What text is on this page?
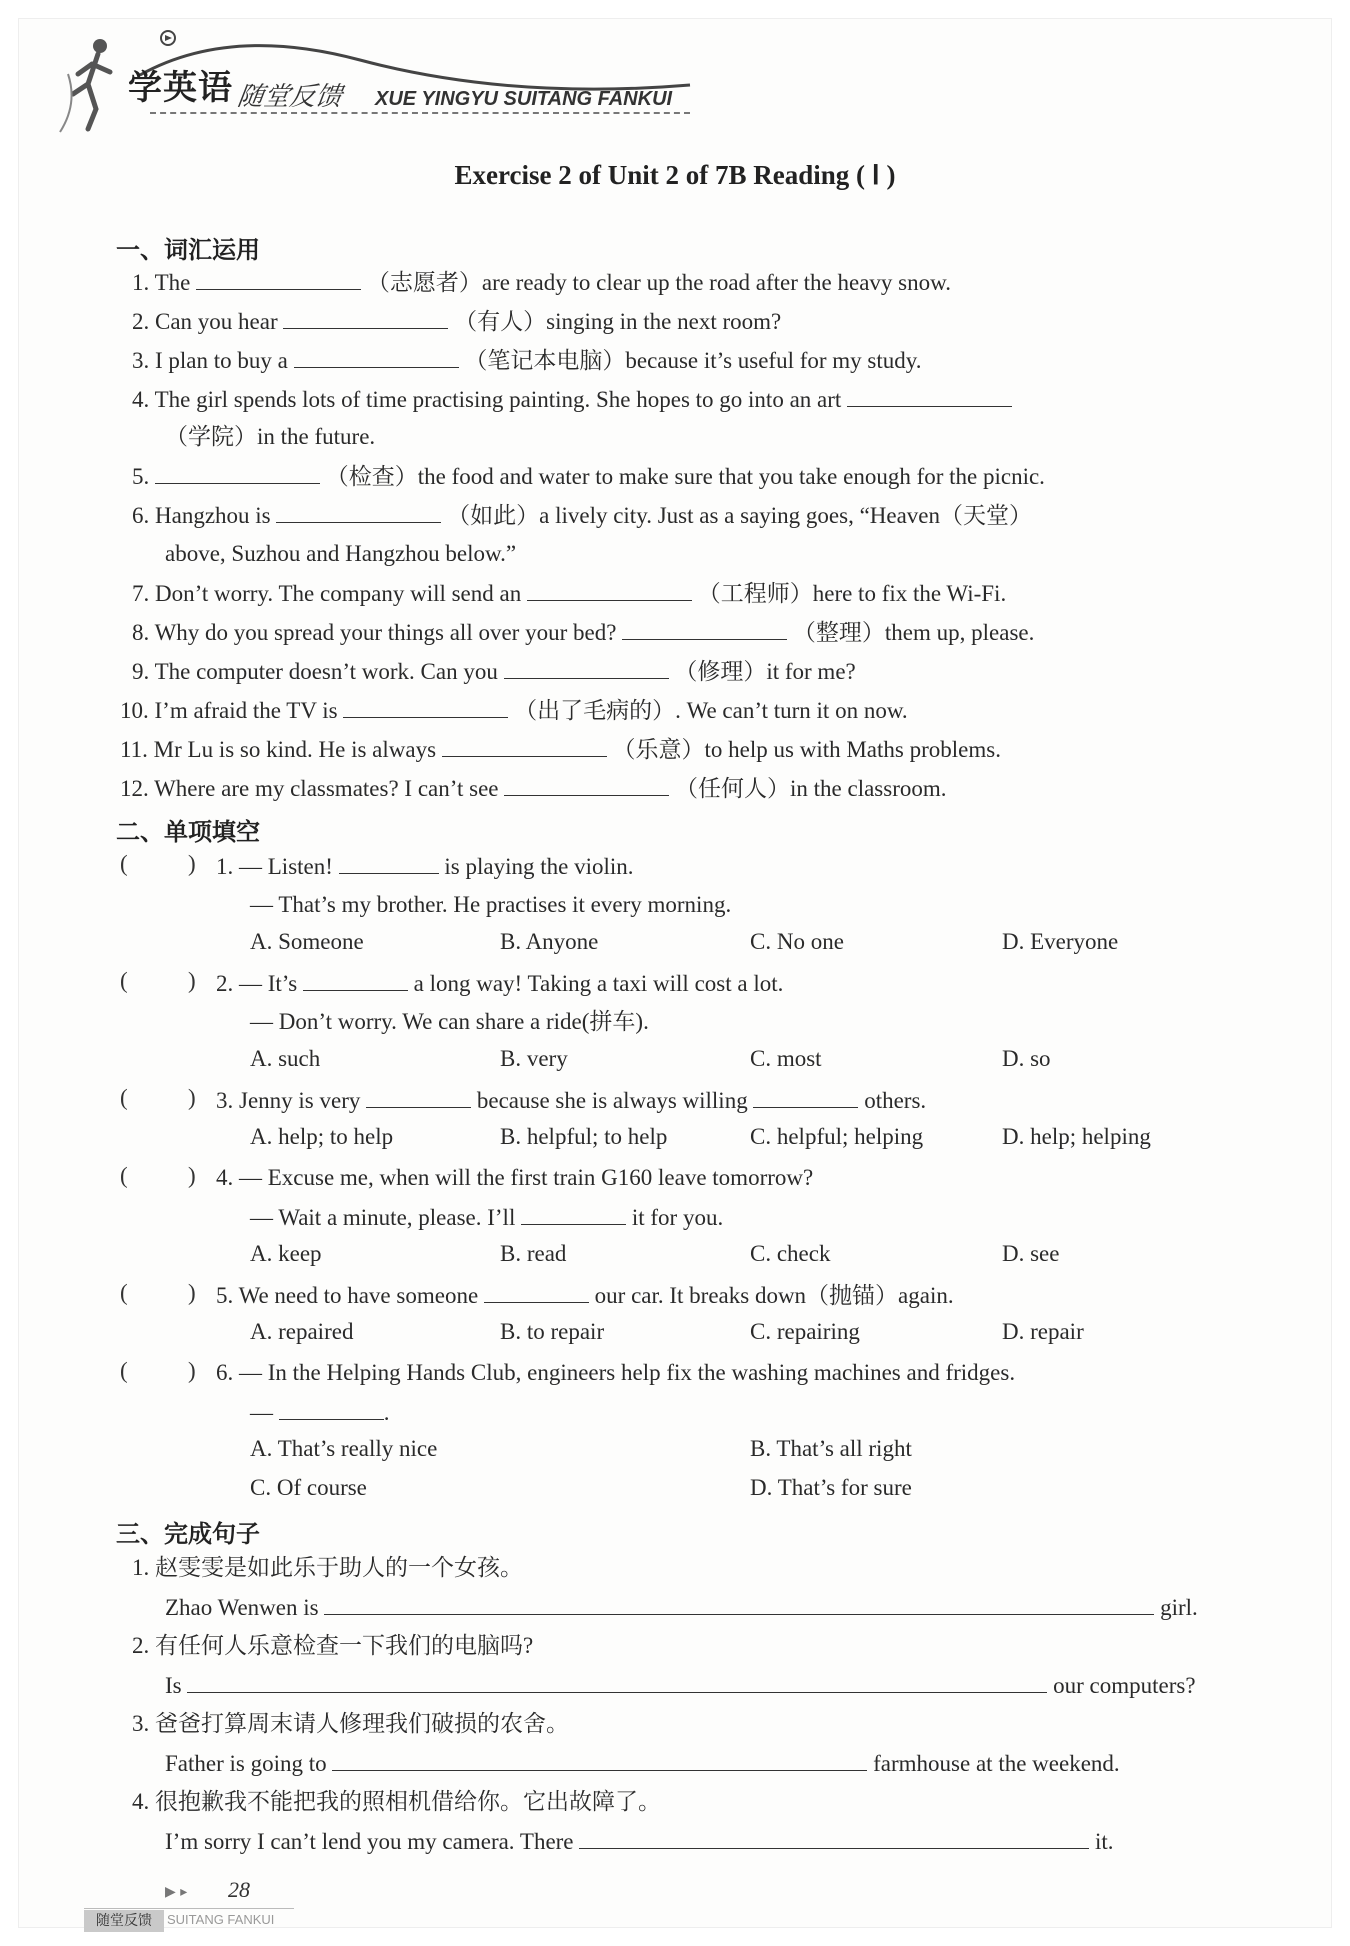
学英语 随堂反馈 XUE YINGYU SUITANG FANKUI
Exercise 2 of Unit 2 of 7B Reading ( Ⅰ )
一、词汇运用
1. The	（志愿者）are ready to clear up the road after the heavy snow.
2. Can you hear	（有人）singing in the next room?
3. I plan to buy a	（笔记本电脑）because it’s useful for my study.
4. The girl spends lots of time practising painting. She hopes to go into an art
（学院）in the future.
5.	（检查）the food and water to make sure that you take enough for the picnic.
6. Hangzhou is	（如此）a lively city. Just as a saying goes, “Heaven（天堂）
above, Suzhou and Hangzhou below.”
7. Don’t worry. The company will send an	（工程师）here to fix the Wi-Fi.
8. Why do you spread your things all over your bed?	（整理）them up, please.
9. The computer doesn’t work. Can you	（修理）it for me?
10. I’m afraid the TV is	（出了毛病的）. We can’t turn it on now.
11. Mr Lu is so kind. He is always	（乐意）to help us with Maths problems.
12. Where are my classmates? I can’t see	（任何人）in the classroom.
二、单项填空
(	) 1. — Listen!	is playing the violin.
— That’s my brother. He practises it every morning.
A. Someone	B. Anyone	C. No one	D. Everyone
(	) 2. — It’s	a long way! Taking a taxi will cost a lot.
— Don’t worry. We can share a ride(拼车).
A. such	B. very	C. most	D. so
(	) 3. Jenny is very	because she is always willing	others.
A. help; to help	B. helpful; to help	C. helpful; helping	D. help; helping
(	) 4. — Excuse me, when will the first train G160 leave tomorrow?
— Wait a minute, please. I’ll	it for you.
A. keep	B. read	C. check	D. see
(	) 5. We need to have someone	our car. It breaks down（抛锚）again.
A. repaired	B. to repair	C. repairing	D. repair
(	) 6. — In the Helping Hands Club, engineers help fix the washing machines and fridges.
—	.
A. That’s really nice	B. That’s all right
C. Of course	D. That’s for sure
三、完成句子
1. 赵雯雯是如此乐于助人的一个女孩。
Zhao Wenwen is	girl.
2. 有任何人乐意检查一下我们的电脑吗?
Is	our computers?
3. 爸爸打算周末请人修理我们破损的农舍。
Father is going to	farmhouse at the weekend.
4. 很抱歉我不能把我的照相机借给你。它出故障了。
I’m sorry I can’t lend you my camera. There	it.
▶ ▸ 28
随堂反馈	SUITANG FANKUI
